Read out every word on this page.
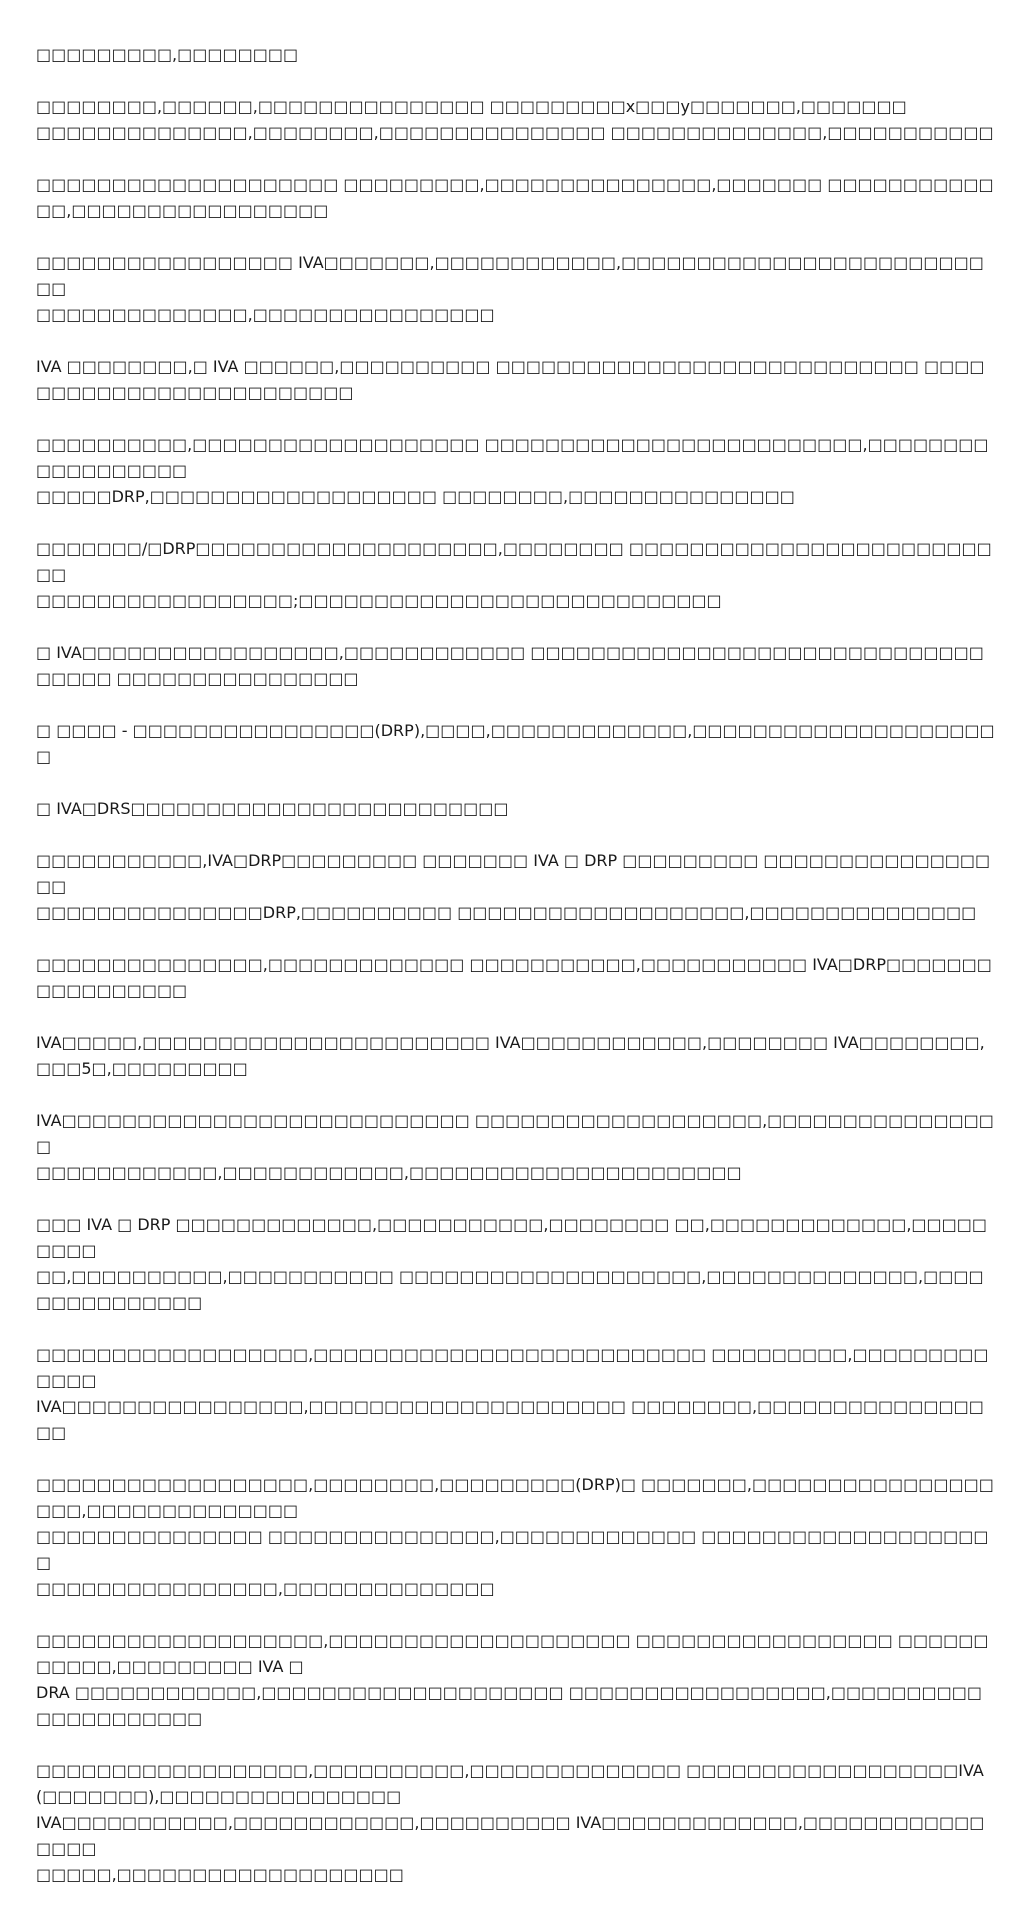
□□□□□□□□□,□□□□□□□□

□□□□□□□□,□□□□□□,□□□□□□□□□□□□□□□ □□□□□□□□□x□□□y□□□□□□□,□□□□□□□
□□□□□□□□□□□□□□,□□□□□□□□,□□□□□□□□□□□□□□□ □□□□□□□□□□□□□□,□□□□□□□□□□□

□□□□□□□□□□□□□□□□□□□□ □□□□□□□□□,□□□□□□□□□□□□□□□,□□□□□□□ □□□□□□□□□□□□□,□□□□□□□□□□□□□□□□□

□□□□□□□□□□□□□□□□□ IVA□□□□□□□,□□□□□□□□□□□□,□□□□□□□□□□□□□□□□□□□□□□□□□□
□□□□□□□□□□□□□□,□□□□□□□□□□□□□□□□

IVA □□□□□□□□,□ IVA □□□□□□,□□□□□□□□□□ □□□□□□□□□□□□□□□□□□□□□□□□□□□□ □□□□□□□□□□□□□□□□□□□□□□□□□

□□□□□□□□□□,□□□□□□□□□□□□□□□□□□□ □□□□□□□□□□□□□□□□□□□□□□□□□,□□□□□□□□□□□□□□□□□□
□□□□□DRP,□□□□□□□□□□□□□□□□□□□ □□□□□□□□,□□□□□□□□□□□□□□□

□□□□□□□/□DRP□□□□□□□□□□□□□□□□□□□□,□□□□□□□□ □□□□□□□□□□□□□□□□□□□□□□□□□□
□□□□□□□□□□□□□□□□□;□□□□□□□□□□□□□□□□□□□□□□□□□□□□

□ IVA□□□□□□□□□□□□□□□□□,□□□□□□□□□□□□ □□□□□□□□□□□□□□□□□□□□□□□□□□□□□□□□□□□ □□□□□□□□□□□□□□□□

□ □□□□ - □□□□□□□□□□□□□□□□(DRP),□□□□,□□□□□□□□□□□□□,□□□□□□□□□□□□□□□□□□□□□

□ IVA□DRS□□□□□□□□□□□□□□□□□□□□□□□□□

□□□□□□□□□□□,IVA□DRP□□□□□□□□□ □□□□□□□ IVA □ DRP □□□□□□□□□ □□□□□□□□□□□□□□□□□
□□□□□□□□□□□□□□□DRP,□□□□□□□□□□ □□□□□□□□□□□□□□□□□□□,□□□□□□□□□□□□□□□

□□□□□□□□□□□□□□□,□□□□□□□□□□□□□ □□□□□□□□□□□,□□□□□□□□□□□ IVA□DRP□□□□□□□□□□□□□□□□□

IVA□□□□□,□□□□□□□□□□□□□□□□□□□□□□□ IVA□□□□□□□□□□□□,□□□□□□□□ IVA□□□□□□□□,□□□5□,□□□□□□□□□

IVA□□□□□□□□□□□□□□□□□□□□□□□□□□□ □□□□□□□□□□□□□□□□□□□,□□□□□□□□□□□□□□□□
□□□□□□□□□□□□,□□□□□□□□□□□□,□□□□□□□□□□□□□□□□□□□□□□

□□□ IVA □ DRP □□□□□□□□□□□□□,□□□□□□□□□□□,□□□□□□□□ □□,□□□□□□□□□□□□□,□□□□□□□□□
□□,□□□□□□□□□□,□□□□□□□□□□□ □□□□□□□□□□□□□□□□□□□□,□□□□□□□□□□□□□□,□□□□□□□□□□□□□□□

□□□□□□□□□□□□□□□□□□,□□□□□□□□□□□□□□□□□□□□□□□□□□ □□□□□□□□□,□□□□□□□□□□□□□
IVA□□□□□□□□□□□□□□□□,□□□□□□□□□□□□□□□□□□□□□ □□□□□□□□,□□□□□□□□□□□□□□□□□

□□□□□□□□□□□□□□□□□□,□□□□□□□□,□□□□□□□□□(DRP)□ □□□□□□□,□□□□□□□□□□□□□□□□□□□,□□□□□□□□□□□□□□
□□□□□□□□□□□□□□□ □□□□□□□□□□□□□□□,□□□□□□□□□□□□□ □□□□□□□□□□□□□□□□□□□□
□□□□□□□□□□□□□□□□,□□□□□□□□□□□□□□

□□□□□□□□□□□□□□□□□□□,□□□□□□□□□□□□□□□□□□□□ □□□□□□□□□□□□□□□□□ □□□□□□□□□□□,□□□□□□□□□ IVA □
DRA □□□□□□□□□□□□,□□□□□□□□□□□□□□□□□□□□ □□□□□□□□□□□□□□□□□,□□□□□□□□□□□□□□□□□□□□□

□□□□□□□□□□□□□□□□□□,□□□□□□□□□□,□□□□□□□□□□□□□□ □□□□□□□□□□□□□□□□□□IVA(□□□□□□□),□□□□□□□□□□□□□□□□
IVA□□□□□□□□□□□,□□□□□□□□□□□□,□□□□□□□□□□ IVA□□□□□□□□□□□□□,□□□□□□□□□□□□□□□□
□□□□□,□□□□□□□□□□□□□□□□□□□
